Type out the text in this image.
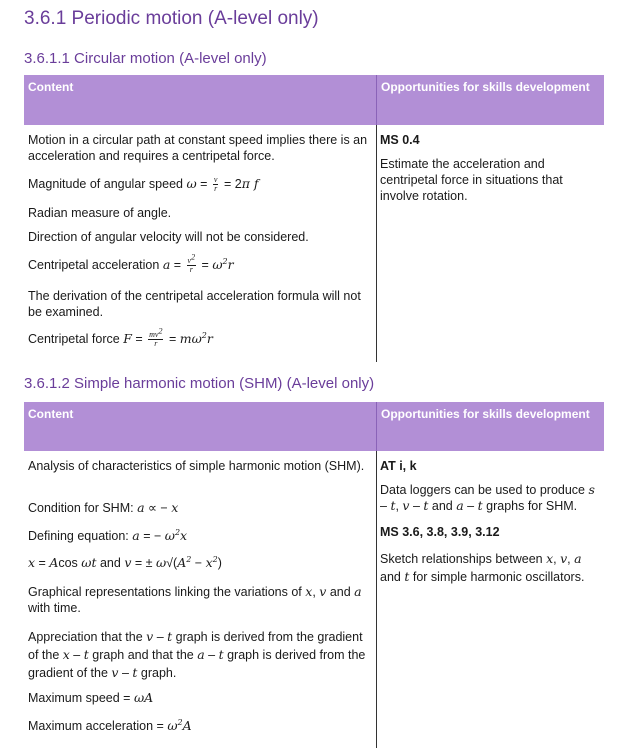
3.6.1 Periodic motion (A-level only)
3.6.1.1 Circular motion (A-level only)
Content	Opportunities for skills development
Motion in a circular path at constant speed implies there is an acceleration and requires a centripetal force.
Magnitude of angular speed $\omega = \frac{v}{r} = 2\pi$ f
Radian measure of angle.
Direction of angular velocity will not be considered.
Centripetal acceleration $a = \frac{v^2}{r} = \omega^2r$
The derivation of the centripetal acceleration formula will not be examined.
Centripetal force $F = \frac{mv^2}{r} = m\omega^2r$
MS 0.4
Estimate the acceleration and centripetal force in situations that involve rotation.
3.6.1.2 Simple harmonic motion (SHM) (A-level only)
Content	Opportunities for skills development
Analysis of characteristics of simple harmonic motion (SHM).
Condition for SHM: a ∝ − x
Defining equation: a = − $\omega^2x$
x = Acos ωt and v = ± $\omega√(A^2 - x^2)$
Graphical representations linking the variations of x, v and a with time.
Appreciation that the v – t graph is derived from the gradient of the x – t graph and that the a – t graph is derived from the gradient of the v – t graph.
Maximum speed = ωA
Maximum acceleration = $\omega^2A$
AT i, k
Data loggers can be used to produce s – t, v – t and a – t graphs for SHM.
MS 3.6, 3.8, 3.9, 3.12
Sketch relationships between x, v, a and t for simple harmonic oscillators.
